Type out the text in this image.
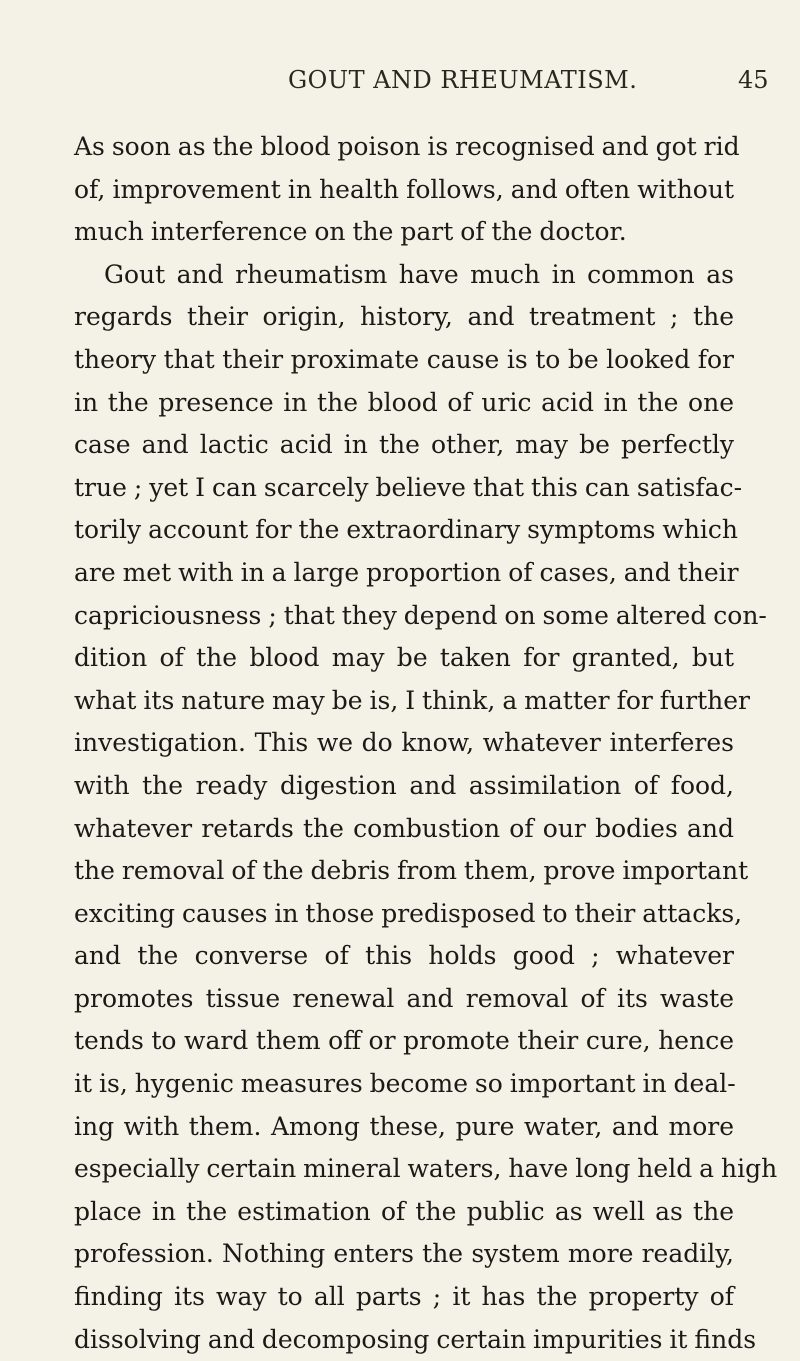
GOUT AND RHEUMATISM.	45
As soon as the blood poison is recognised and got rid
of, improvement in health follows, and often without
much interference on the part of the doctor.
Gout and rheumatism have much in common as
regards their origin, history, and treatment ; the
theory that their proximate cause is to be looked for
in the presence in the blood of uric acid in the one
case and lactic acid in the other, may be perfectly
true ; yet I can scarcely believe that this can satisfac-
torily account for the extraordinary symptoms which
are met with in a large proportion of cases, and their
capriciousness ; that they depend on some altered con-
dition of the blood may be taken for granted, but
what its nature may be is, I think, a matter for further
investigation. This we do know, whatever interferes
with the ready digestion and assimilation of food,
whatever retards the combustion of our bodies and
the removal of the debris from them, prove important
exciting causes in those predisposed to their attacks,
and the converse of this holds good ; whatever
promotes tissue renewal and removal of its waste
tends to ward them off or promote their cure, hence
it is, hygenic measures become so important in deal-
ing with them. Among these, pure water, and more
especially certain mineral waters, have long held a high
place in the estimation of the public as well as the
profession. Nothing enters the system more readily,
finding its way to all parts ; it has the property of
dissolving and decomposing certain impurities it finds
